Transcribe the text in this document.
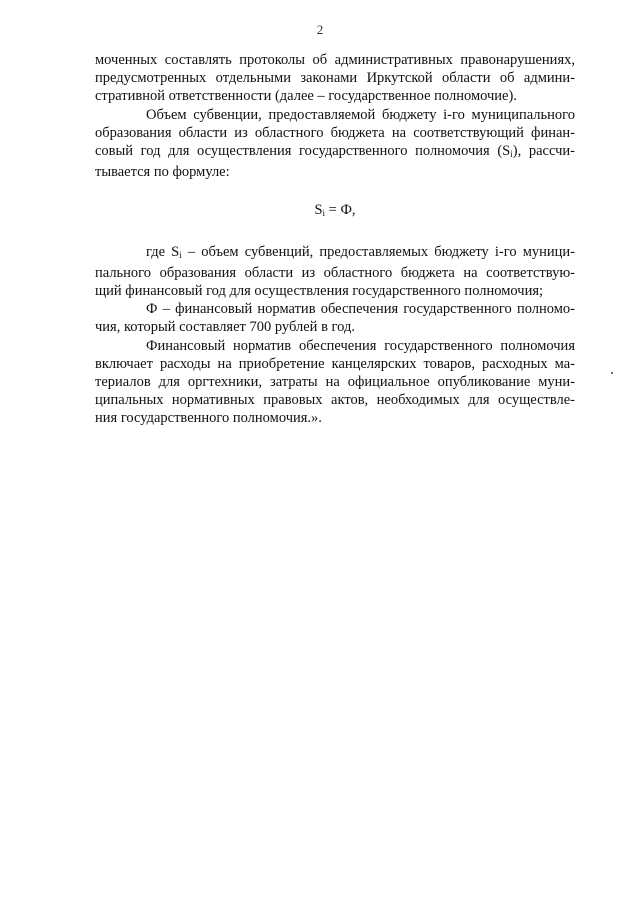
2
моченных составлять протоколы об административных правонарушениях,
предусмотренных отдельными законами Иркутской области об админи-
стративной ответственности (далее – государственное полномочие).
Объем субвенции, предоставляемой бюджету i-го муниципального
образования области из областного бюджета на соответствующий финан-
совый год для осуществления государственного полномочия $(S_i)$, рассчи-
тывается по формуле:
$S_i = Ф$,
где $S_i$ – объем субвенций, предоставляемых бюджету i-го муници-
пального образования области из областного бюджета на соответствую-
щий финансовый год для осуществления государственного полномочия;
Ф – финансовый норматив обеспечения государственного полномо-
чия, который составляет 700 рублей в год.
Финансовый норматив обеспечения государственного полномочия
включает расходы на приобретение канцелярских товаров, расходных ма-
териалов для оргтехники, затраты на официальное опубликование муни-
ципальных нормативных правовых актов, необходимых для осуществле-
ния государственного полномочия.».
